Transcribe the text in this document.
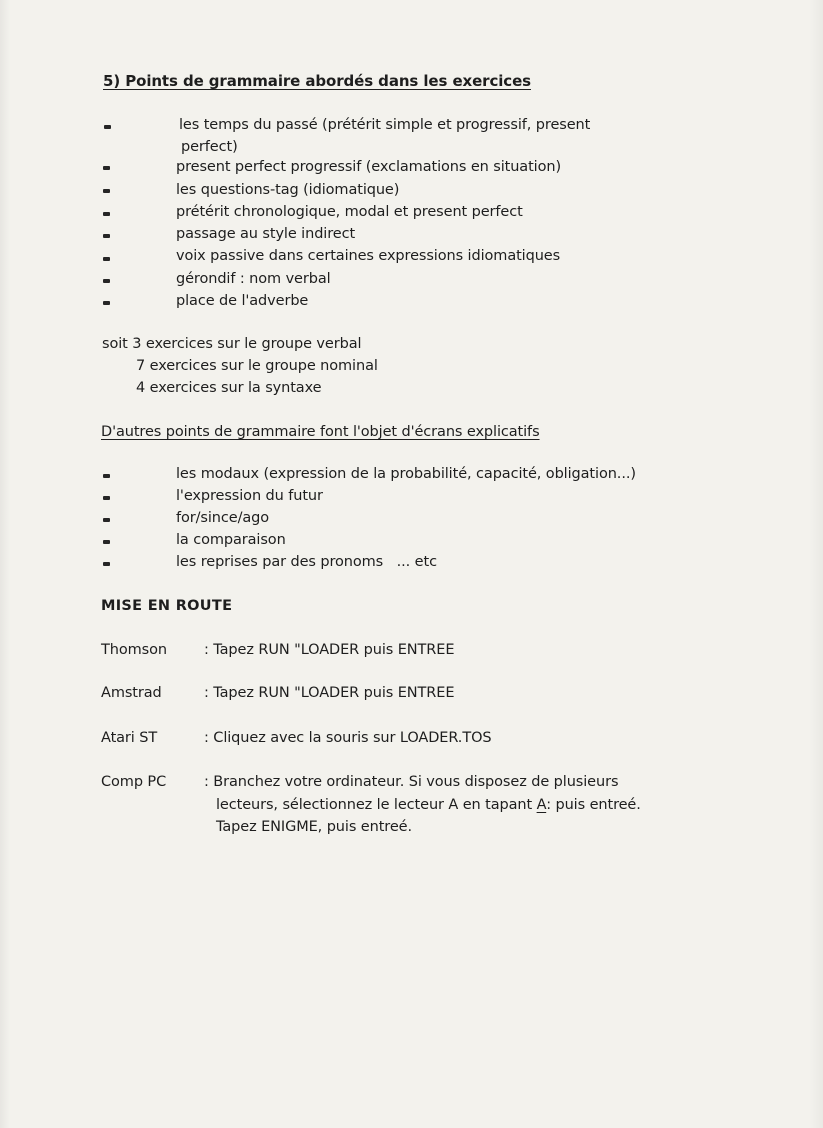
5) Points de grammaire abordés dans les exercices
les temps du passé (prétérit simple et progressif, present
perfect)
present perfect progressif (exclamations en situation)
les questions-tag (idiomatique)
prétérit chronologique, modal et present perfect
passage au style indirect
voix passive dans certaines expressions idiomatiques
gérondif : nom verbal
place de l'adverbe
soit 3 exercices sur le groupe verbal
7 exercices sur le groupe nominal
4 exercices sur la syntaxe
D'autres points de grammaire font l'objet d'écrans explicatifs
les modaux (expression de la probabilité, capacité, obligation...)
l'expression du futur
for/since/ago
la comparaison
les reprises par des pronoms   ... etc
MISE EN ROUTE
Thomson	: Tapez RUN "LOADER puis ENTREE
Amstrad	: Tapez RUN "LOADER puis ENTREE
Atari ST	: Cliquez avec la souris sur LOADER.TOS
Comp PC	: Branchez votre ordinateur. Si vous disposez de plusieurs
lecteurs, sélectionnez le lecteur A en tapant A: puis entreé.
Tapez ENIGME, puis entreé.
